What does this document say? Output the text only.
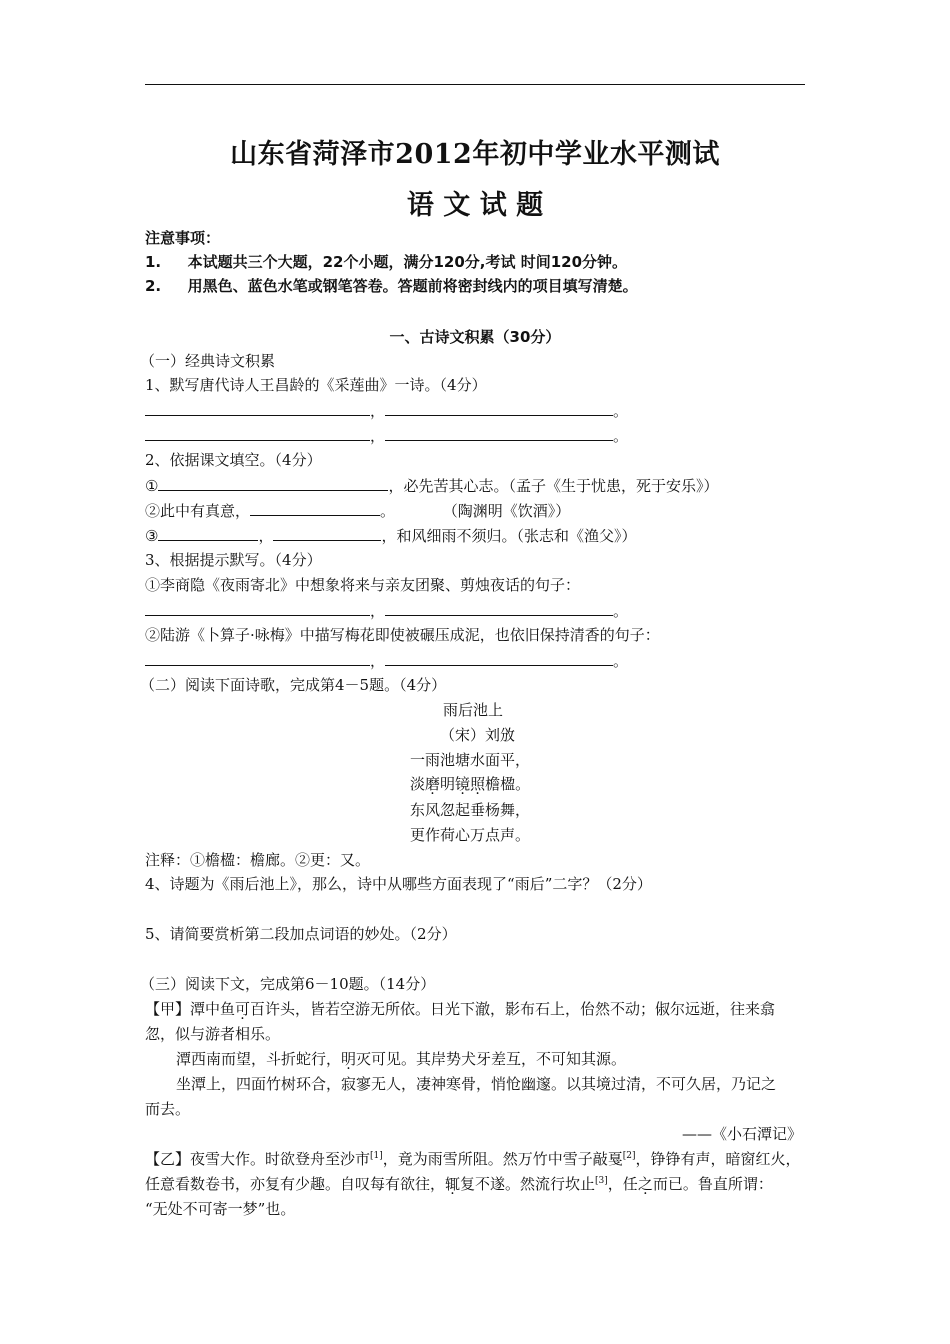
山东省菏泽市2012年初中学业水平测试
语 文 试 题
注意事项：
1. 本试题共三个大题，22个小题，满分120分,考试 时间120分钟。
2. 用黑色、蓝色水笔或钢笔答卷。答题前将密封线内的项目填写清楚。
一、古诗文积累（30分）
（一）经典诗文积累
1、默写唐代诗人王昌龄的《采莲曲》一诗。（4分）
，	。
，	。
2、依据课文填空。（4分）
①	，必先苦其心志。（孟子《生于忧患，死于安乐》）
②此中有真意，	。          （陶渊明《饮酒》）
③	，	，和风细雨不须归。（张志和《渔父》）
3、根据提示默写。（4分）
①李商隐《夜雨寄北》中想象将来与亲友团聚、剪烛夜话的句子：
，	。
②陆游《卜算子·咏梅》中描写梅花即使被碾压成泥，也依旧保持清香的句子：
，	。
（二）阅读下面诗歌，完成第4－5题。（4分）
雨后池上
（宋）刘攽
一雨池塘水面平，
淡磨明镜照檐楹。
东风忽起垂杨舞，
更作荷心万点声。
注释：①檐楹：檐廊。②更：又。
4、诗题为《雨后池上》，那么，诗中从哪些方面表现了“雨后”二字？（2分）
5、请简要赏析第二段加点词语的妙处。（2分）
（三）阅读下文，完成第6－10题。（14分）
【甲】潭中鱼可百许头，皆若空游无所依。日光下澈，影布石上，佁然不动；俶尔远逝，往来翕
忽，似与游者相乐。
潭西南而望，斗折蛇行，明灭可见。其岸势犬牙差互，不可知其源。
坐潭上，四面竹树环合，寂寥无人，凄神寒骨，悄怆幽邃。以其境过清，不可久居，乃记之
而去。
——《小石潭记》
【乙】夜雪大作。时欲登舟至沙市[1]，竟为雨雪所阻。然万竹中雪子敲戛[2]，铮铮有声，暗窗红火，
任意看数卷书，亦复有少趣。自叹每有欲往，辄复不遂。然流行坎止[3]，任之而已。鲁直所谓：
“无处不可寄一梦”也。
